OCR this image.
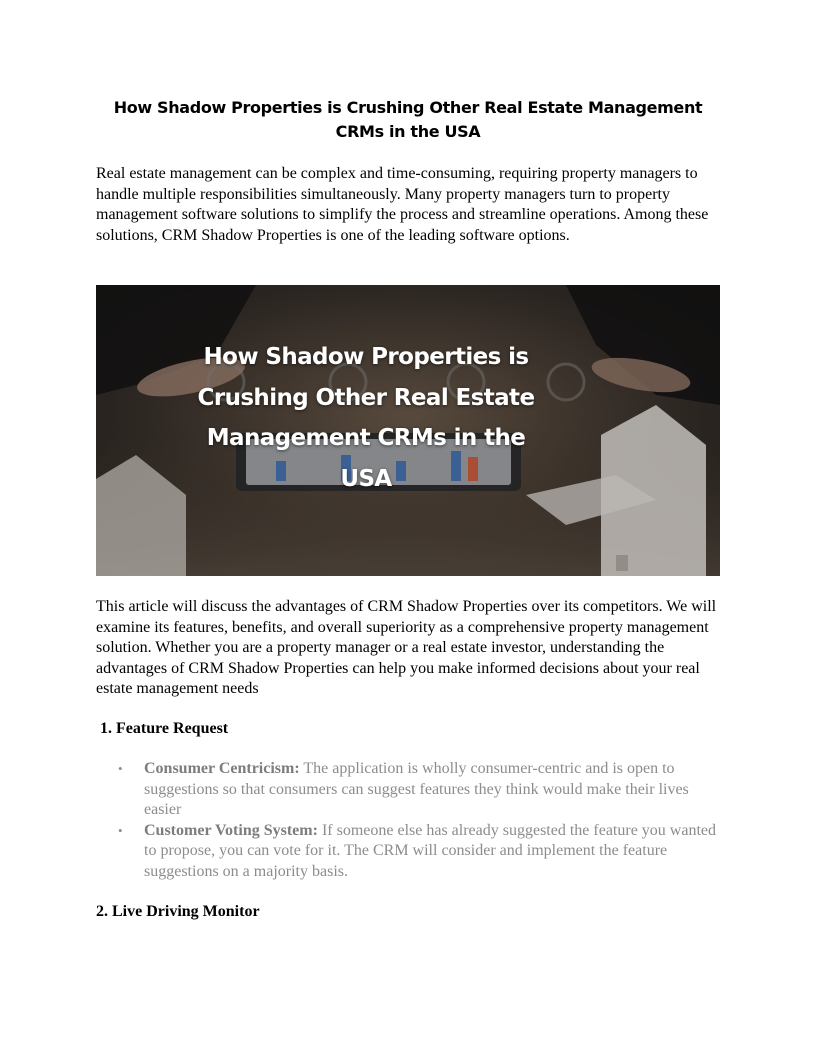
How Shadow Properties is Crushing Other Real Estate Management CRMs in the USA
Real estate management can be complex and time-consuming, requiring property managers to handle multiple responsibilities simultaneously. Many property managers turn to property management software solutions to simplify the process and streamline operations. Among these solutions, CRM Shadow Properties is one of the leading software options.
How Shadow Properties is Crushing Other Real Estate Management CRMs in the USA
This article will discuss the advantages of CRM Shadow Properties over its competitors. We will examine its features, benefits, and overall superiority as a comprehensive property management solution. Whether you are a property manager or a real estate investor, understanding the advantages of CRM Shadow Properties can help you make informed decisions about your real estate management needs
1. Feature Request
• Consumer Centricism: The application is wholly consumer-centric and is open to suggestions so that consumers can suggest features they think would make their lives easier
• Customer Voting System: If someone else has already suggested the feature you wanted to propose, you can vote for it. The CRM will consider and implement the feature suggestions on a majority basis.
2. Live Driving Monitor
